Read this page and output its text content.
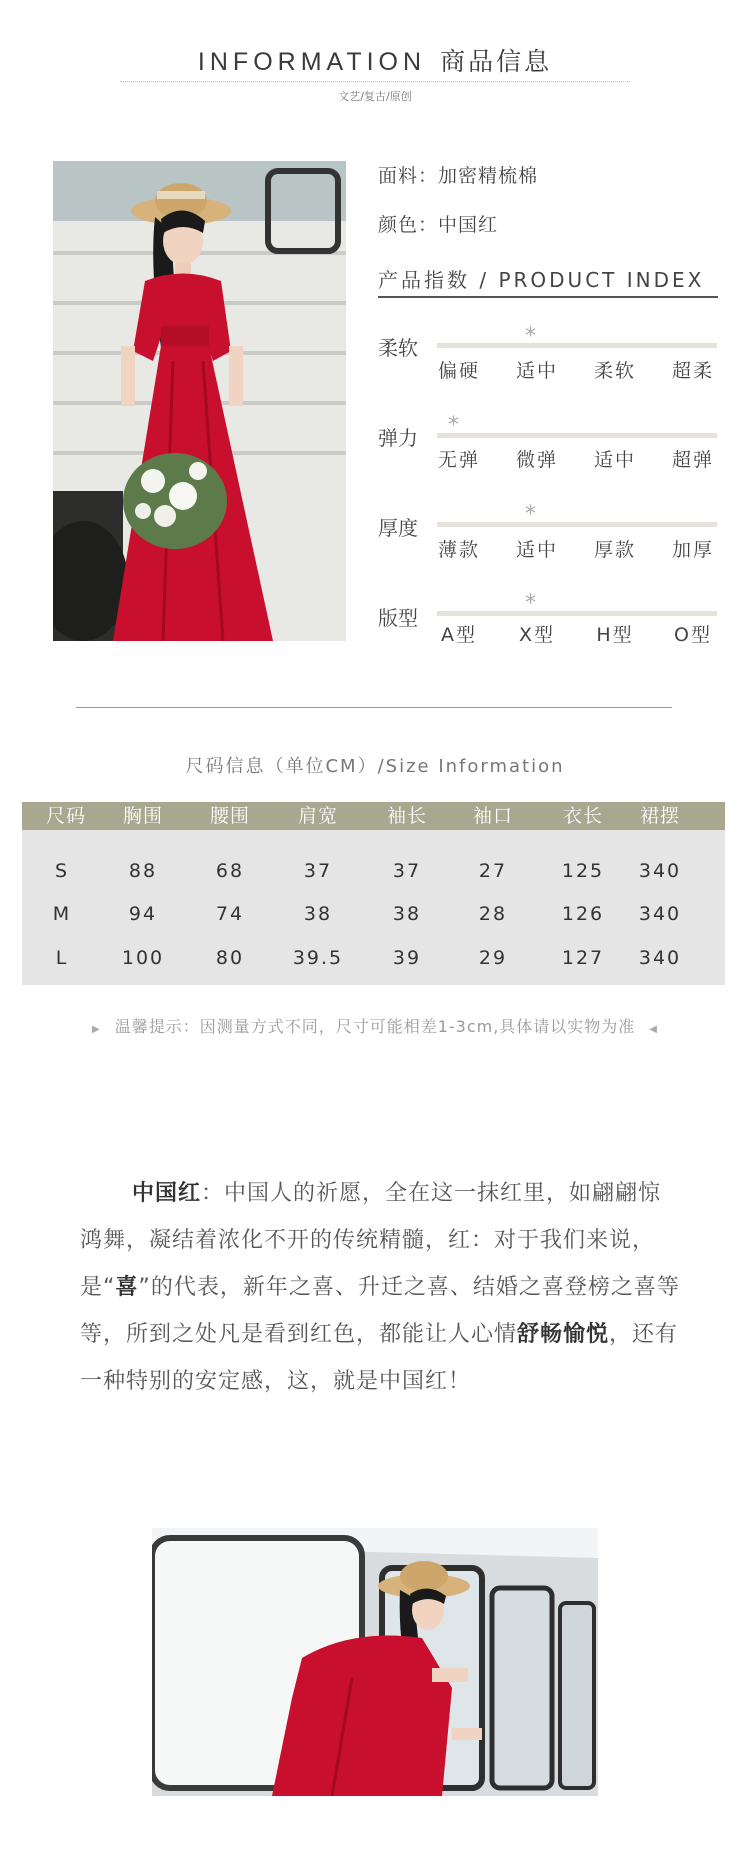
INFORMATION 商品信息
文艺/复古/原创
面料：加密精梳棉
颜色：中国红
产品指数 / PRODUCT INDEX
柔软	*
偏硬	适中	柔软	超柔
弹力 *
无弹	微弹	适中	超弹
厚度
*
薄款	适中	厚款	加厚
版型
*
A型	X型	H型	O型
尺码信息（单位CM）/Size Information
尺码	胸围	腰围	肩宽	袖长	袖口	衣长	裙摆
S	88	68	37	37	27	125	340
M	94	74	38	38	28	126	340
L	100	80	39.5	39	29	127	340
▶ 温馨提示：因测量方式不同，尺寸可能相差1-3cm,具体请以实物为准 ◀
中国红：中国人的祈愿，全在这一抹红里，如翩翩惊鸿舞，凝结着浓化不开的传统精髓，红：对于我们来说，是“喜”的代表，新年之喜、升迁之喜、结婚之喜登榜之喜等等，所到之处凡是看到红色，都能让人心情舒畅愉悦，还有一种特别的安定感，这，就是中国红！
